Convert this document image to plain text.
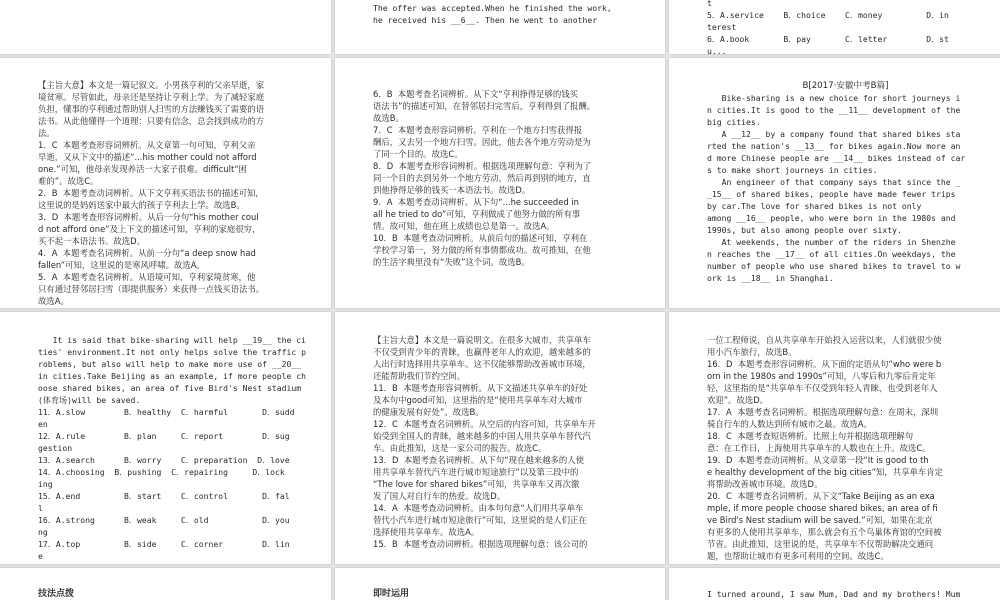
The offer was accepted.When he finished the work,

he received his __6__. Then he went to another

t

5．A.service    B．choice    C．money         D．in

terest

6．A.book       B．pay       C．letter        D．st

u...

【主旨大意】本文是一篇记叙文。小男孩亨利的父亲早逝，家

境贫寒。尽管如此，母亲还是坚持让亨利上学。为了减轻家庭

负担，懂事的亨利通过帮助别人扫雪的方法赚钱买了需要的语

法书。从此他懂得一个道理：只要有信念，总会找到成功的方

法。

1．C  本题考查形容词辨析。从文章第一句可知，亨利父亲

早逝，又从下文中的描述“...his mother could not afford

one.”可知，他母亲发现养活一大家子很难。difficult“困

难的”。故选C。

2．B  本题考查动词辨析。从下文亨利买语法书的描述可知，

这里说的是妈妈送家中最大的孩子亨利去上学。故选B。

3．D  本题考查形容词辨析。从后一分句“his mother coul

d not afford one”及上下文的描述可知，亨利的家庭很穷，

买不起一本语法书。故选D。

4．A  本题考查名词辨析。从前一分句“a deep snow had

fallen”可知，这里说的是寒风呼啸。故选A。

5．A  本题考查名词辨析。从语境可知，亨利家境贫寒，他

只有通过替邻居扫雪（即提供服务）来获得一点钱买语法书。

故选A。

6．B  本题考查名词辨析。从下文“亨利挣得足够的钱买

语法书”的描述可知，在替邻居扫完雪后，亨利得到了报酬。

故选B。

7．C  本题考查形容词辨析。亨利在一个地方扫雪获得报

酬后，又去另一个地方扫雪。因此，他去各个地方劳动是为

了同一个目的。故选C。

8．D  本题考查形容词辨析。根据选项理解句意：亨利为了

同一个目的去到另外一个地方劳动，然后再到别的地方，直

到他挣得足够的钱买一本语法书。故选D。

9．A  本题考查动词辨析。从下句“...he succeeded in

all he tried to do”可知，亨利做成了他努力做的所有事

情。故可知，他在班上成绩也总是第一。故选A。

10．B  本题考查动词辨析。从前后句的描述可知，亨利在

学校学习第一，努力做的所有事情都成功。故可推知，在他

的生活字典里没有“失败”这个词。故选B。

B[2017·安徽中考B篇]

Bike-sharing is a new choice for short journeys i

n cities.It is good to the __11__ development of the

big cities.

A __12__ by a company found that shared bikes sta

rted the nation's __13__ for bikes again.Now more an

d more Chinese people are __14__ bikes instead of car

s to make short journeys in cities.

An engineer of that company says that since the _

_15__ of shared bikes, people have made fewer trips

by car.The love for shared bikes is not only

among __16__ people, who were born in the 1980s and

1990s, but also among people over sixty.

At weekends, the number of the riders in Shenzhe

n reaches the __17__ of all cities.On weekdays, the

number of people who use shared bikes to travel to w

ork is __18__ in Shanghai.

It is said that bike-sharing will help __19__ the ci

ties' environment.It not only helps solve the traffic p

roblems, but also will help to make more use of __20__

in cities.Take Beijing as an example, if more people ch

oose shared bikes, an area of five Bird's Nest stadium

(体育场)will be saved.

11．A.slow        B．healthy  C．harmful       D．sudd

en

12．A.rule        B．plan     C．report        D．sug

gestion

13．A.search      B．worry    C．preparation  D．love

14．A.choosing  B．pushing  C．repairing     D．lock

ing

15．A.end         B．start    C．control       D．fal

l

16．A.strong      B．weak     C．old           D．you

ng

17．A.top         B．side     C．corner        D．lin

e

【主旨大意】本文是一篇说明文。在很多大城市，共享单车

不仅受到青少年的青睐，也赢得老年人的欢迎，越来越多的

人出行时选择用共享单车。这不仅能够帮助改善城市环境，

还能帮助我们节约空间。

11．B  本题考查形容词辨析。从下文描述共享单车的好处

及本句中good可知，这里指的是“使用共享单车对大城市

的健康发展有好处”。故选B。

12．C  本题考查名词辨析。从空后的内容可知，共享单车开

始受到全国人的青睐，越来越多的中国人用共享单车替代汽

车。由此推知，这是一家公司的报告。故选C。

13．D  本题考查名词辨析。从下句“现在越来越多的人使

用共享单车替代汽车进行城市短途旅行”以及第三段中的

“The love for shared bikes”可知，共享单车又再次激

发了国人对自行车的热爱。故选D。

14．A  本题考查动词辨析。由本句句意“人们用共享单车

替代小汽车进行城市短途旅行”可知，这里说的是人们正在

选择使用共享单车。故选A。

15．B  本题考查动词辨析。根据选项理解句意：该公司的

一位工程师说，自从共享单车开始投入运营以来，人们就很少使

用小汽车旅行，故选B。

16．D  本题考查形容词辨析。从下面的定语从句“who were b

orn in the 1980s and 1990s”可知，八零后和九零后肯定年

轻，这里指的是“共享单车不仅受到年轻人青睐，也受到老年人

欢迎”。故选D。

17．A  本题考查名词辨析。根据选项理解句意：在周末，深圳

骑自行车的人数达到所有城市之最。故选A。

18．C  本题考查短语辨析。比照上句并根据选项理解句

意：在工作日，上海使用共享单车的人数也在上升。故选C。

19．D  本题考查动词辨析。从文章第一段“It is good to th

e healthy development of the big cities”知，共享单车肯定

将帮助改善城市环境。故选D。

20．C  本题考查名词辨析。从下文“Take Beijing as an exa

mple, if more people choose shared bikes, an area of fi

ve Bird's Nest stadium will be saved.”可知，如果在北京

有更多的人使用共享单车，那么就会有五个鸟巢体育馆的空间被

节省。由此推知，这里说的是，共享单车不仅帮助解决交通问

题，也帮助让城市有更多可利用的空间。故选C。

技法点拨	即时运用	I turned around, I saw Mum, Dad and my brothers! Mum
